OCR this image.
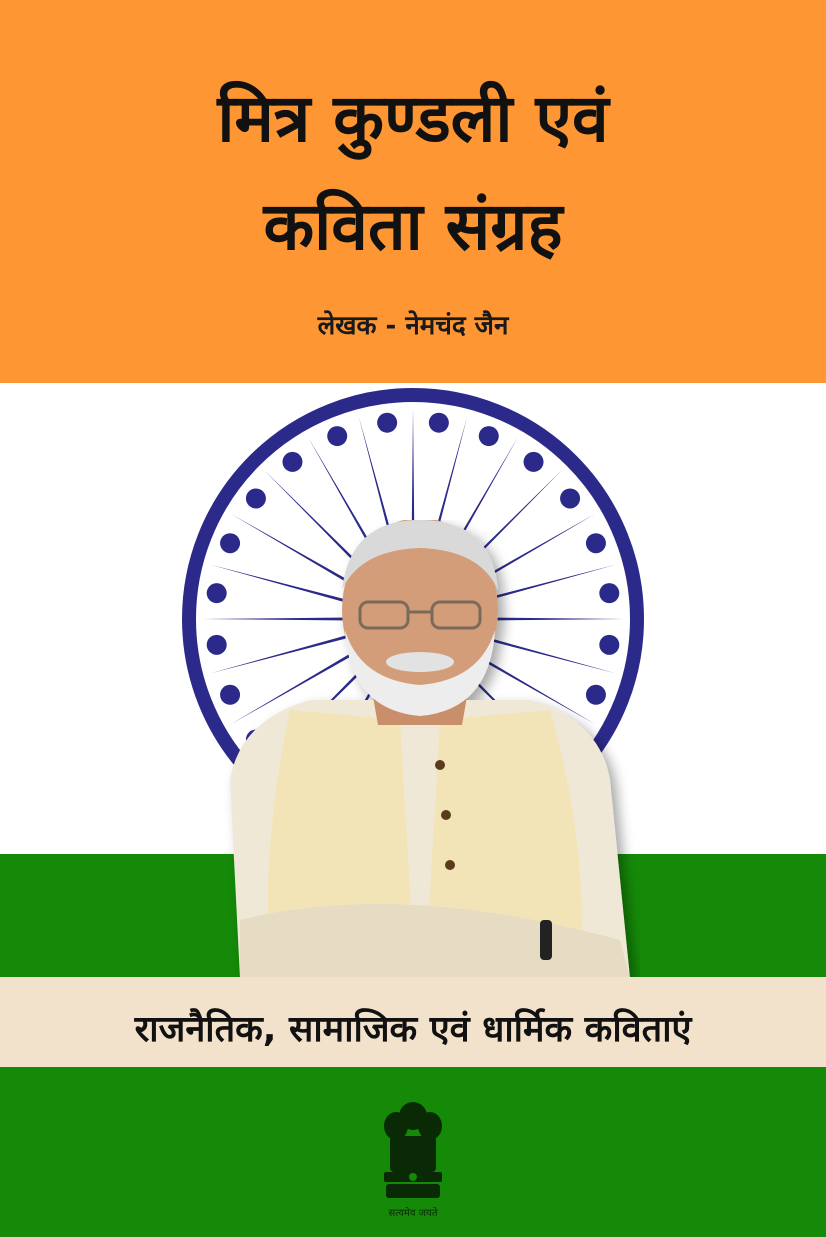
मित्र कुण्डली एवं
कविता संग्रह
लेखक - नेमचंद जैन
राजनैतिक, सामाजिक एवं धार्मिक कविताएं
सत्यमेव जयते
